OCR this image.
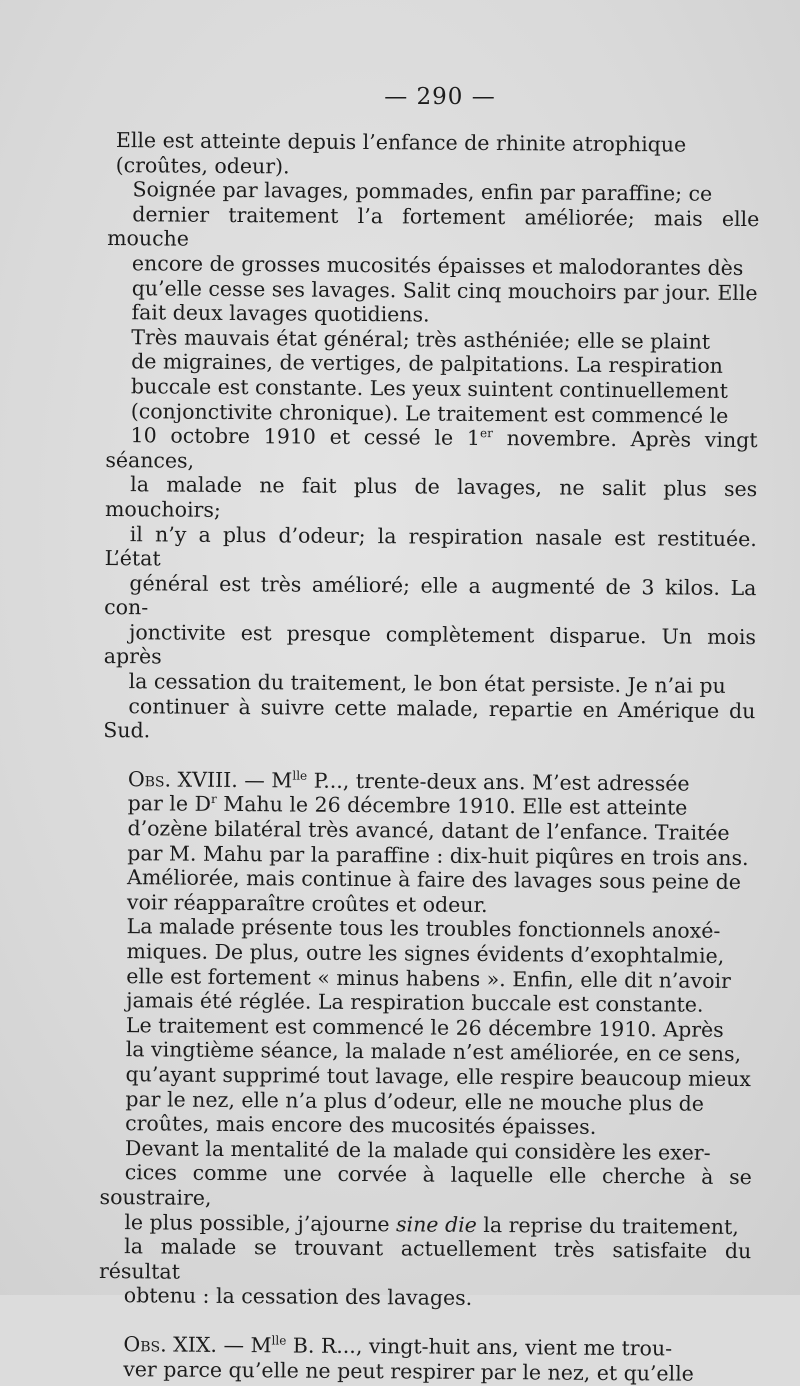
— 290 —

Elle est atteinte depuis l’enfance de rhinite atrophique
(croûtes, odeur).

Soignée par lavages, pommades, enfin par paraffine; ce
dernier traitement l’a fortement améliorée; mais elle mouche
encore de grosses mucosités épaisses et malodorantes dès
qu’elle cesse ses lavages. Salit cinq mouchoirs par jour. Elle
fait deux lavages quotidiens.

Très mauvais état général; très asthéniée; elle se plaint
de migraines, de vertiges, de palpitations. La respiration
buccale est constante. Les yeux suintent continuellement
(conjonctivite chronique). Le traitement est commencé le
10 octobre 1910 et cessé le 1er novembre. Après vingt séances,
la malade ne fait plus de lavages, ne salit plus ses mouchoirs;
il n’y a plus d’odeur; la respiration nasale est restituée. L’état
général est très amélioré; elle a augmenté de 3 kilos. La con-
jonctivite est presque complètement disparue. Un mois après
la cessation du traitement, le bon état persiste. Je n’ai pu
continuer à suivre cette malade, repartie en Amérique du Sud.

Obs. XVIII. — $M^{lle}$ P..., trente-deux ans. M’est adressée
par le $D^r$ Mahu le 26 décembre 1910. Elle est atteinte
d’ozène bilatéral très avancé, datant de l’enfance. Traitée
par M. Mahu par la paraffine : dix-huit piqûres en trois ans.
Améliorée, mais continue à faire des lavages sous peine de
voir réapparaître croûtes et odeur.

La malade présente tous les troubles fonctionnels anoxé-
miques. De plus, outre les signes évidents d’exophtalmie,
elle est fortement « minus habens ». Enfin, elle dit n’avoir
jamais été réglée. La respiration buccale est constante.

Le traitement est commencé le 26 décembre 1910. Après
la vingtième séance, la malade n’est améliorée, en ce sens,
qu’ayant supprimé tout lavage, elle respire beaucoup mieux
par le nez, elle n’a plus d’odeur, elle ne mouche plus de
croûtes, mais encore des mucosités épaisses.

Devant la mentalité de la malade qui considère les exer-
cices comme une corvée à laquelle elle cherche à se soustraire,
le plus possible, j’ajourne sine die la reprise du traitement,
la malade se trouvant actuellement très satisfaite du résultat
obtenu : la cessation des lavages.

Obs. XIX. — $M^{lle}$ B. R..., vingt-huit ans, vient me trou-
ver parce qu’elle ne peut respirer par le nez, et qu’elle
